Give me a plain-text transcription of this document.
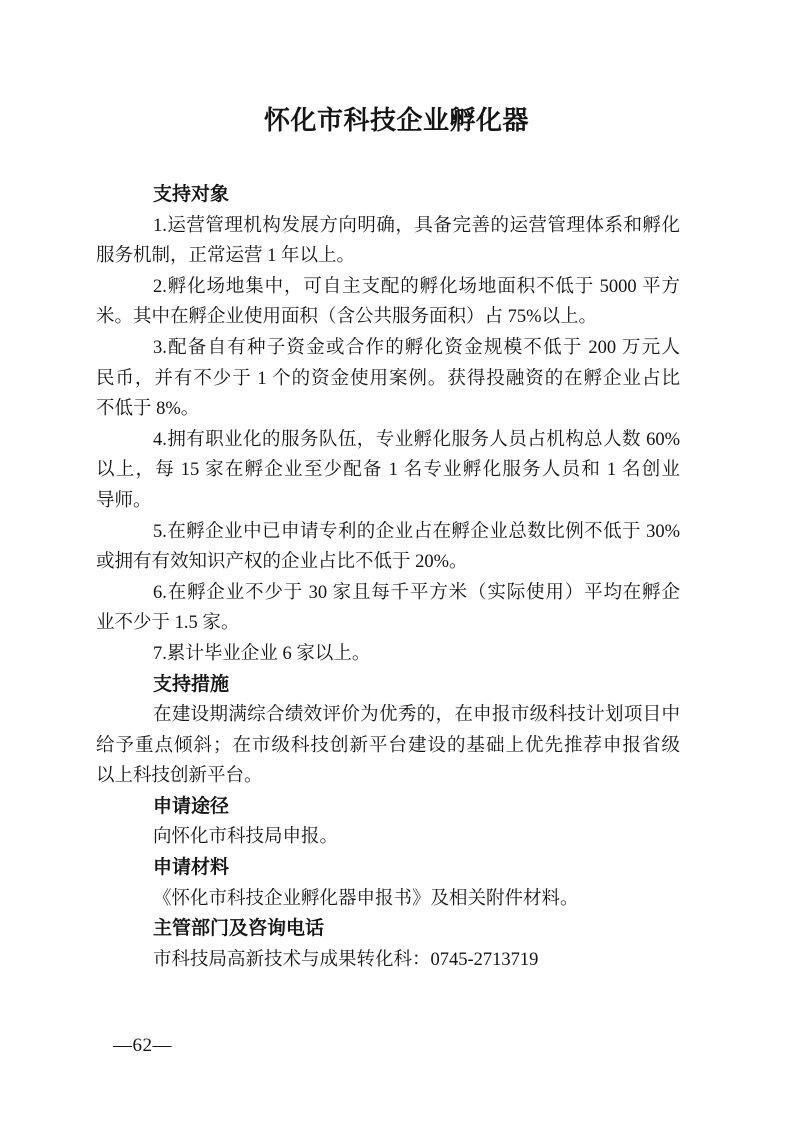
怀化市科技企业孵化器
支持对象
1.运营管理机构发展方向明确，具备完善的运营管理体系和孵化
服务机制，正常运营 1 年以上。
2.孵化场地集中，可自主支配的孵化场地面积不低于 5000 平方
米。其中在孵企业使用面积（含公共服务面积）占 75%以上。
3.配备自有种子资金或合作的孵化资金规模不低于 200 万元人
民币，并有不少于 1 个的资金使用案例。获得投融资的在孵企业占比
不低于 8%。
4.拥有职业化的服务队伍，专业孵化服务人员占机构总人数 60%
以上，每 15 家在孵企业至少配备 1 名专业孵化服务人员和 1 名创业
导师。
5.在孵企业中已申请专利的企业占在孵企业总数比例不低于 30%
或拥有有效知识产权的企业占比不低于 20%。
6.在孵企业不少于 30 家且每千平方米（实际使用）平均在孵企
业不少于 1.5 家。
7.累计毕业企业 6 家以上。
支持措施
在建设期满综合绩效评价为优秀的，在申报市级科技计划项目中
给予重点倾斜；在市级科技创新平台建设的基础上优先推荐申报省级
以上科技创新平台。
申请途径
向怀化市科技局申报。
申请材料
《怀化市科技企业孵化器申报书》及相关附件材料。
主管部门及咨询电话
市科技局高新技术与成果转化科：0745-2713719
—62—
